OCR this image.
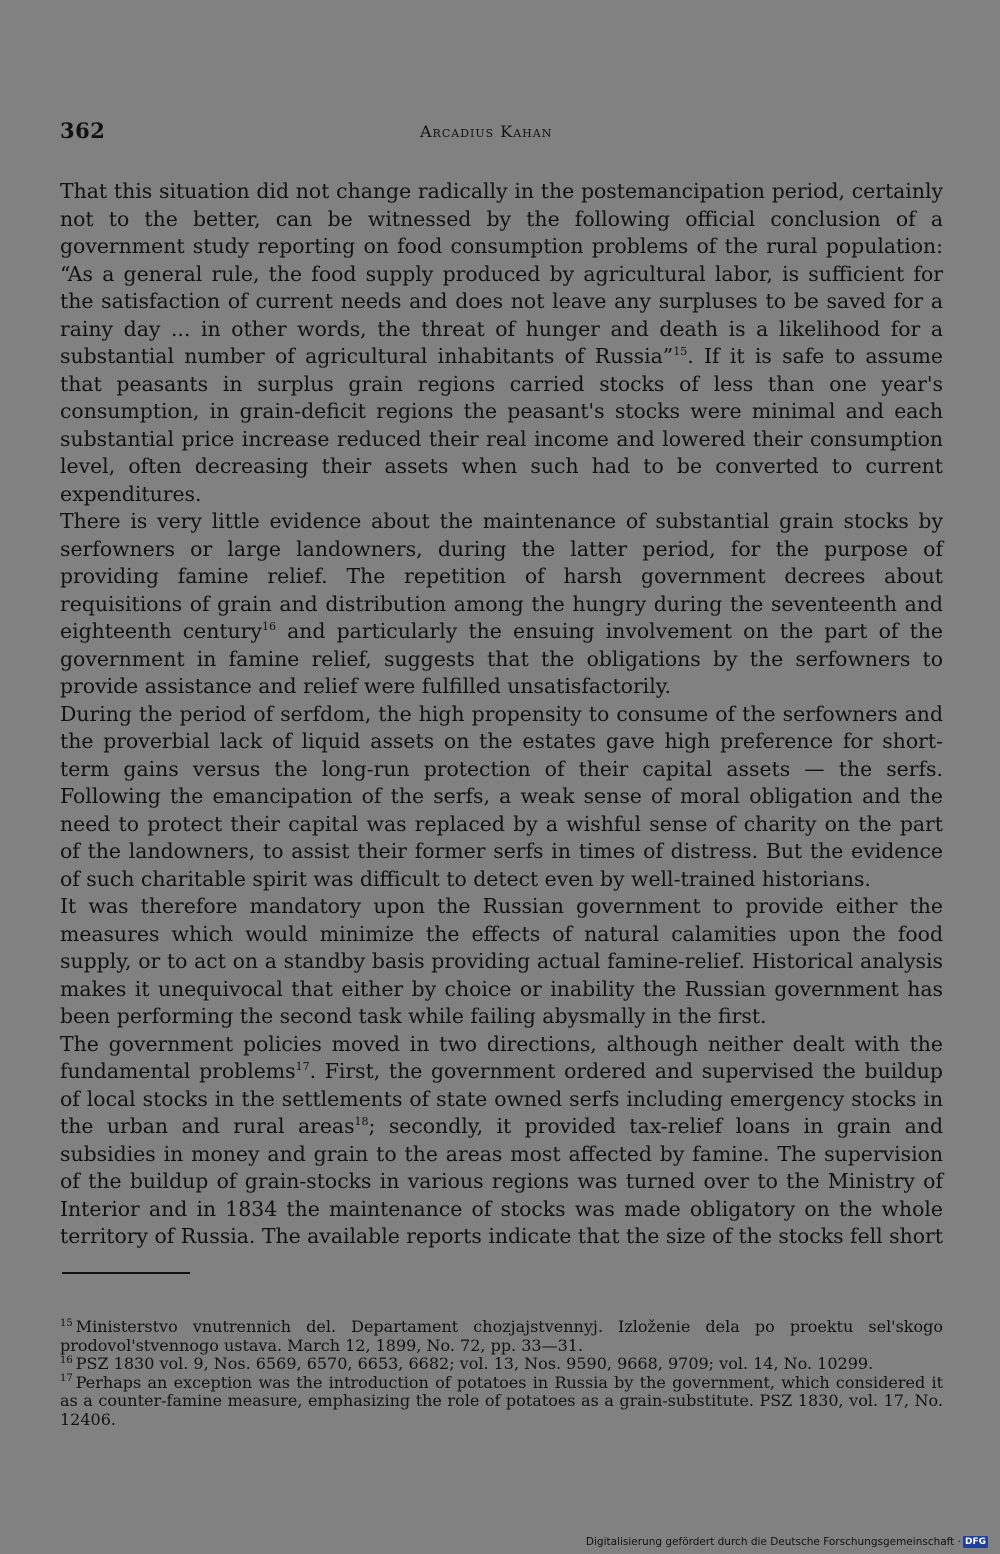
362	Arcadius Kahan

That this situation did not change radically in the postemancipation period, certainly not to the better, can be witnessed by the following official conclusion of a government study reporting on food consumption problems of the rural population: “As a general rule, the food supply produced by agricultural labor, is sufficient for the satisfaction of current needs and does not leave any surpluses to be saved for a rainy day ... in other words, the threat of hunger and death is a likelihood for a substantial number of agricultural inhabitants of Russia”$^{15}$. If it is safe to assume that peasants in surplus grain regions carried stocks of less than one year's consumption, in grain-deficit regions the peasant's stocks were minimal and each substantial price increase reduced their real income and lowered their consumption level, often decreasing their assets when such had to be converted to current expenditures.

There is very little evidence about the maintenance of substantial grain stocks by serfowners or large landowners, during the latter period, for the purpose of providing famine relief. The repetition of harsh government decrees about requisitions of grain and distribution among the hungry during the seventeenth and eighteenth century$^{16}$ and particularly the ensuing involvement on the part of the government in famine relief, suggests that the obligations by the serfowners to provide assistance and relief were fulfilled unsatisfactorily.

During the period of serfdom, the high propensity to consume of the serfowners and the proverbial lack of liquid assets on the estates gave high preference for short-term gains versus the long-run protection of their capital assets — the serfs. Following the emancipation of the serfs, a weak sense of moral obligation and the need to protect their capital was replaced by a wishful sense of charity on the part of the landowners, to assist their former serfs in times of distress. But the evidence of such charitable spirit was difficult to detect even by well-trained historians.

It was therefore mandatory upon the Russian government to provide either the measures which would minimize the effects of natural calamities upon the food supply, or to act on a standby basis providing actual famine-relief. Historical analysis makes it unequivocal that either by choice or inability the Russian government has been performing the second task while failing abysmally in the first.

The government policies moved in two directions, although neither dealt with the fundamental problems$^{17}$. First, the government ordered and supervised the buildup of local stocks in the settlements of state owned serfs including emergency stocks in the urban and rural areas$^{18}$; secondly, it provided tax-relief loans in grain and subsidies in money and grain to the areas most affected by famine. The supervision of the buildup of grain-stocks in various regions was turned over to the Ministry of Interior and in 1834 the maintenance of stocks was made obligatory on the whole territory of Russia. The available reports indicate that the size of the stocks fell short

$^{15}$ Ministerstvo vnutrennich del. Departament chozjajstvennyj. Izloženie dela po proektu sel'skogo prodovol'stvennogo ustava. March 12, 1899, No. 72, pp. 33—31.

$^{16}$ PSZ 1830 vol. 9, Nos. 6569, 6570, 6653, 6682; vol. 13, Nos. 9590, 9668, 9709; vol. 14, No. 10299.

$^{17}$ Perhaps an exception was the introduction of potatoes in Russia by the government, which considered it as a counter-famine measure, emphasizing the role of potatoes as a grain-substitute. PSZ 1830, vol. 17, No. 12406.

Digitalisierung gefördert durch die Deutsche Forschungsgemeinschaft · DFG
